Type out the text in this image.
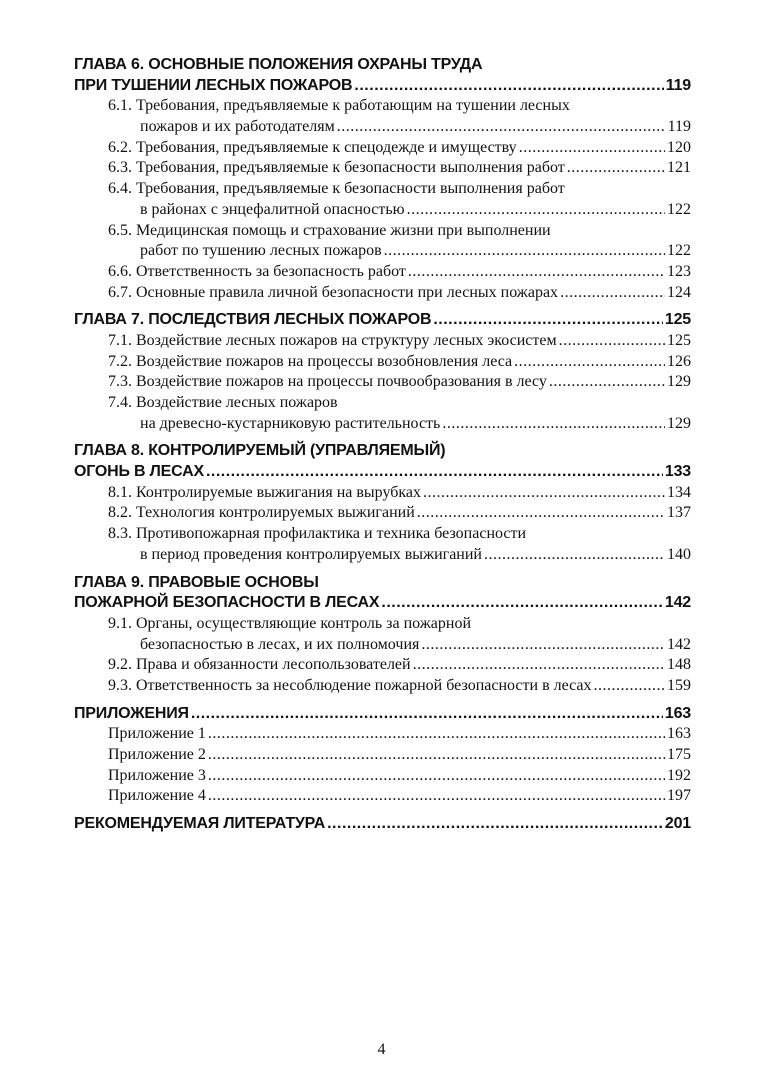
ГЛАВА 6. ОСНОВНЫЕ ПОЛОЖЕНИЯ ОХРАНЫ ТРУДА
ПРИ ТУШЕНИИ ЛЕСНЫХ ПОЖАРОВ .....	119
6.1. Требования, предъявляемые к работающим на тушении лесных
пожаров и их работодателям .....	119
6.2. Требования, предъявляемые к спецодежде и имуществу .....	120
6.3. Требования, предъявляемые к безопасности выполнения работ .....	121
6.4. Требования, предъявляемые к безопасности выполнения работ
в районах с энцефалитной опасностью .....	122
6.5. Медицинская помощь и страхование жизни при выполнении
работ по тушению лесных пожаров .....	122
6.6. Ответственность за безопасность работ .....	123
6.7. Основные правила личной безопасности при лесных пожарах .....	124
ГЛАВА 7. ПОСЛЕДСТВИЯ ЛЕСНЫХ ПОЖАРОВ .....	125
7.1. Воздействие лесных пожаров на структуру лесных экосистем .....	125
7.2. Воздействие пожаров на процессы возобновления леса .....	126
7.3. Воздействие пожаров на процессы почвообразования в лесу .....	129
7.4. Воздействие лесных пожаров
на древесно-кустарниковую растительность .....	129
ГЛАВА 8. КОНТРОЛИРУЕМЫЙ (УПРАВЛЯЕМЫЙ)
ОГОНЬ В ЛЕСАХ .....	133
8.1. Контролируемые выжигания на вырубках .....	134
8.2. Технология контролируемых выжиганий .....	137
8.3. Противопожарная профилактика и техника безопасности
в период проведения контролируемых выжиганий .....	140
ГЛАВА 9. ПРАВОВЫЕ ОСНОВЫ
ПОЖАРНОЙ БЕЗОПАСНОСТИ В ЛЕСАХ .....	142
9.1. Органы, осуществляющие контроль за пожарной
безопасностью в лесах, и их полномочия .....	142
9.2. Права и обязанности лесопользователей .....	148
9.3. Ответственность за несоблюдение пожарной безопасности в лесах .....	159
ПРИЛОЖЕНИЯ .....	163
Приложение 1 .....	163
Приложение 2 .....	175
Приложение 3 .....	192
Приложение 4 .....	197
РЕКОМЕНДУЕМАЯ ЛИТЕРАТУРА .....	201
4
